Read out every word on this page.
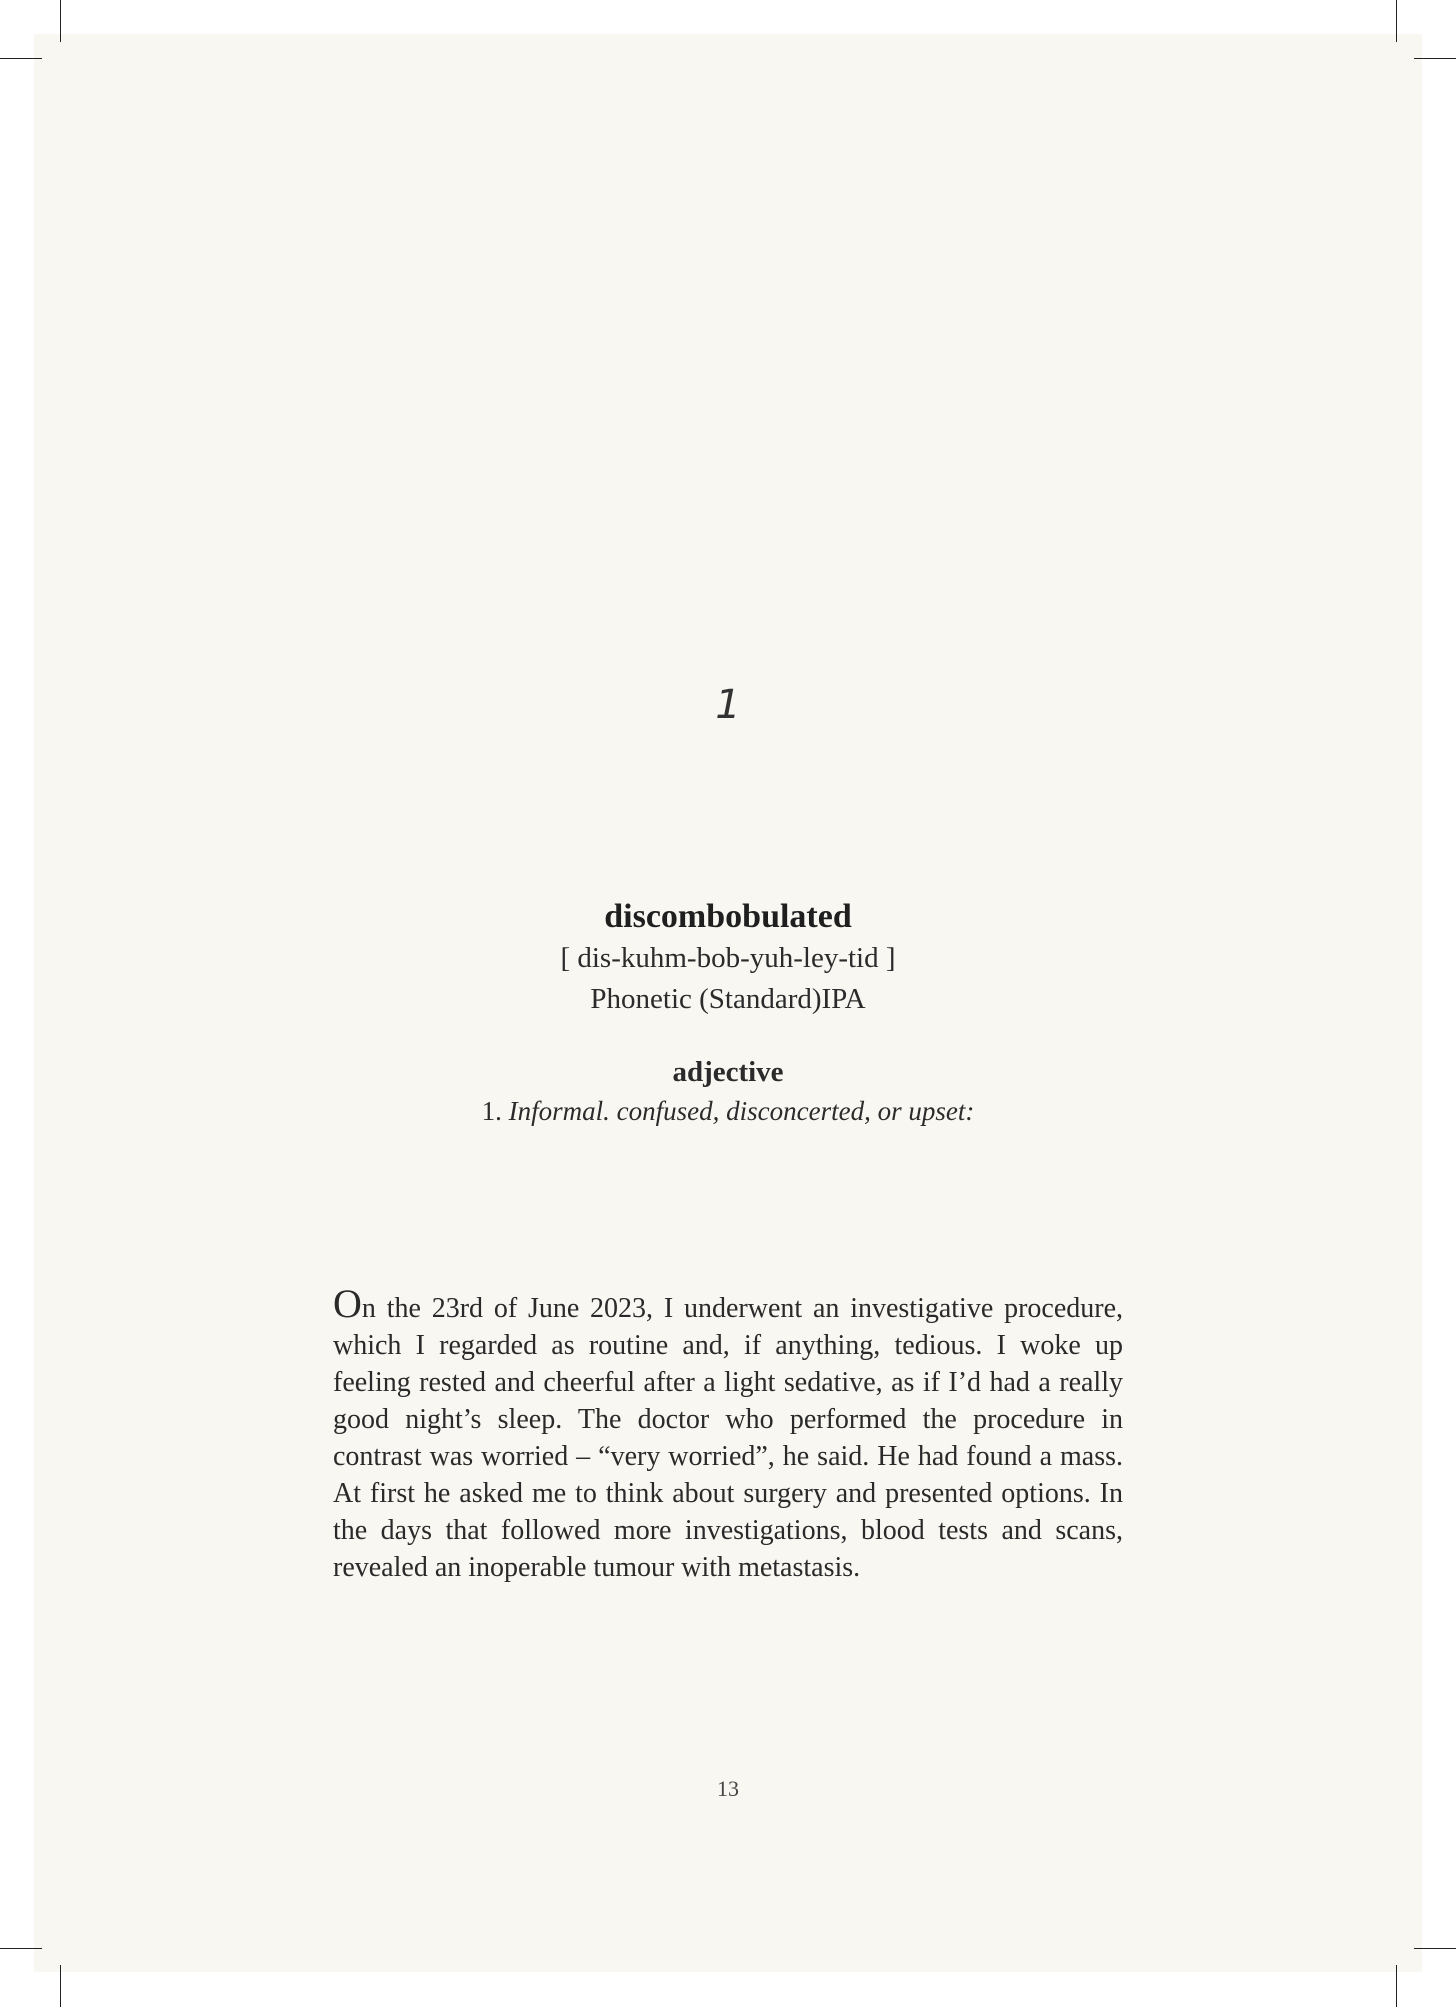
1
discombobulated
[ dis-kuhm-bob-yuh-ley-tid ]
Phonetic (Standard)IPA
adjective
1. Informal. confused, disconcerted, or upset:

On the 23rd of June 2023, I underwent an investigative procedure, which I regarded as routine and, if anything, tedious. I woke up feeling rested and cheerful after a light sedative, as if I’d had a really good night’s sleep. The doctor who performed the procedure in contrast was worried – “very worried”, he said. He had found a mass. At first he asked me to think about surgery and presented options. In the days that followed more investigations, blood tests and scans, revealed an inoperable tumour with metastasis.

13
